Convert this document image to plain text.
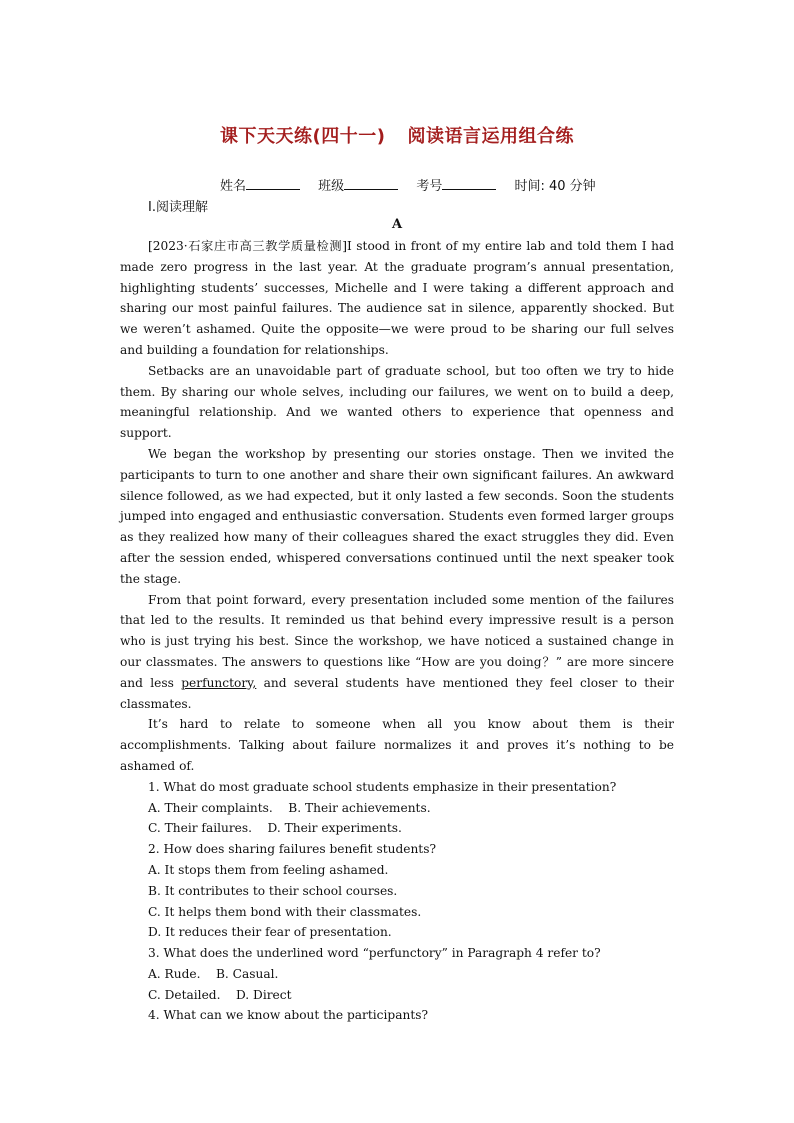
课下天天练(四十一) 阅读语言运用组合练
姓名	班级	考号	时间: 40 分钟
Ⅰ.阅读理解
A

[2023·石家庄市高三教学质量检测]I stood in front of my entire lab and told them I had made zero progress in the last year. At the graduate program’s annual presentation, highlighting students’ successes, Michelle and I were taking a different approach and sharing our most painful failures. The audience sat in silence, apparently shocked. But we weren’t ashamed. Quite the opposite—we were proud to be sharing our full selves and building a foundation for relationships.

Setbacks are an unavoidable part of graduate school, but too often we try to hide them. By sharing our whole selves, including our failures, we went on to build a deep, meaningful relationship. And we wanted others to experience that openness and support.

We began the workshop by presenting our stories onstage. Then we invited the participants to turn to one another and share their own significant failures. An awkward silence followed, as we had expected, but it only lasted a few seconds. Soon the students jumped into engaged and enthusiastic conversation. Students even formed larger groups as they realized how many of their colleagues shared the exact struggles they did. Even after the session ended, whispered conversations continued until the next speaker took the stage.

From that point forward, every presentation included some mention of the failures that led to the results. It reminded us that behind every impressive result is a person who is just trying his best. Since the workshop, we have noticed a sustained change in our classmates. The answers to questions like “How are you doing？” are more sincere and less perfunctory, and several students have mentioned they feel closer to their classmates.

It’s hard to relate to someone when all you know about them is their accomplishments. Talking about failure normalizes it and proves it’s nothing to be ashamed of.

1. What do most graduate school students emphasize in their presentation?
A. Their complaints.    B. Their achievements.
C. Their failures.    D. Their experiments.
2. How does sharing failures benefit students?
A. It stops them from feeling ashamed.
B. It contributes to their school courses.
C. It helps them bond with their classmates.
D. It reduces their fear of presentation.
3. What does the underlined word “perfunctory” in Paragraph 4 refer to?
A. Rude.    B. Casual.
C. Detailed.    D. Direct
4. What can we know about the participants?
